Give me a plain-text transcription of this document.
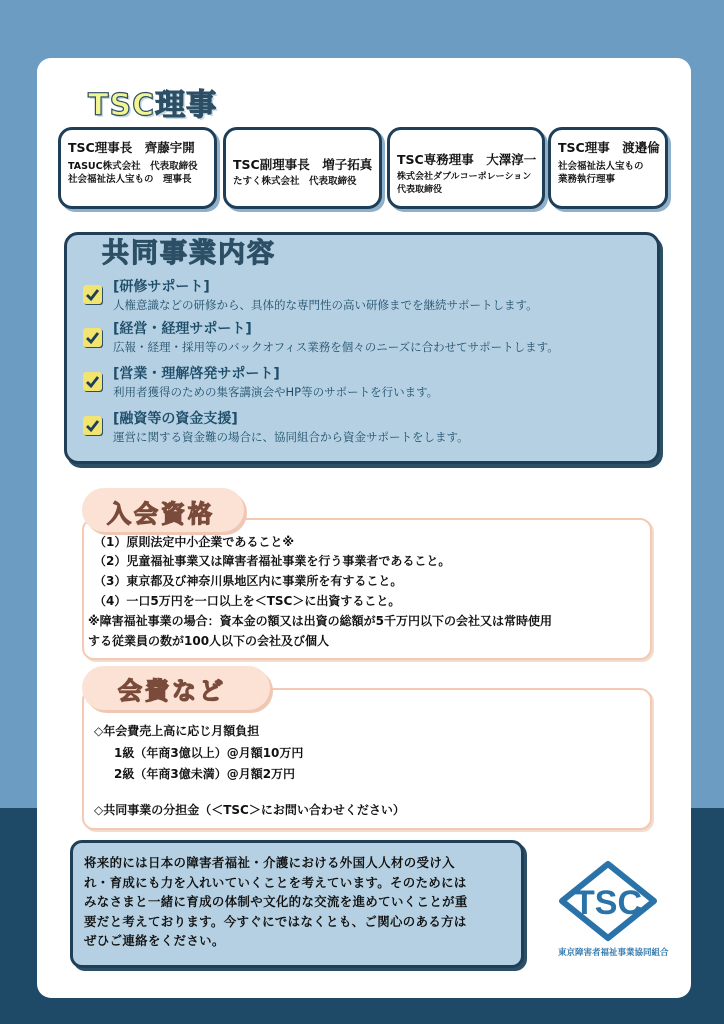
TSC理事
TSC理事長　齊藤宇開
TASUC株式会社　代表取締役
社会福祉法人宝もの　理事長
TSC副理事長　増子拓真
たすく株式会社　代表取締役
TSC専務理事　大澤淳一
株式会社ダブルコーポレーション
代表取締役
TSC理事　渡邉倫
社会福祉法人宝もの
業務執行理事
共同事業内容
[研修サポート]
人権意識などの研修から、具体的な専門性の高い研修までを継続サポートします。
[経営・経理サポート]
広報・経理・採用等のバックオフィス業務を個々のニーズに合わせてサポートします。
[営業・理解啓発サポート]
利用者獲得のための集客講演会やHP等のサポートを行います。
[融資等の資金支援]
運営に関する資金難の場合に、協同組合から資金サポートをします。
入会資格
（1）原則法定中小企業であること※
（2）児童福祉事業又は障害者福祉事業を行う事業者であること。
（3）東京都及び神奈川県地区内に事業所を有すること。
（4）一口5万円を一口以上を＜TSC＞に出資すること。
※障害福祉事業の場合：資本金の額又は出資の総額が5千万円以下の会社又は常時使用
する従業員の数が100人以下の会社及び個人
会費など
◇年会費売上高に応じ月額負担
1級（年商3億以上）@月額10万円
2級（年商3億未満）@月額2万円
◇共同事業の分担金（＜TSC＞にお問い合わせください）
将来的には日本の障害者福祉・介護における外国人人材の受け入
れ・育成にも力を入れいていくことを考えています。そのためには
みなさまと一緒に育成の体制や文化的な交流を進めていくことが重
要だと考えております。今すぐにではなくとも、ご関心のある方は
ぜひご連絡をください。
TSC
東京障害者福祉事業協同組合
